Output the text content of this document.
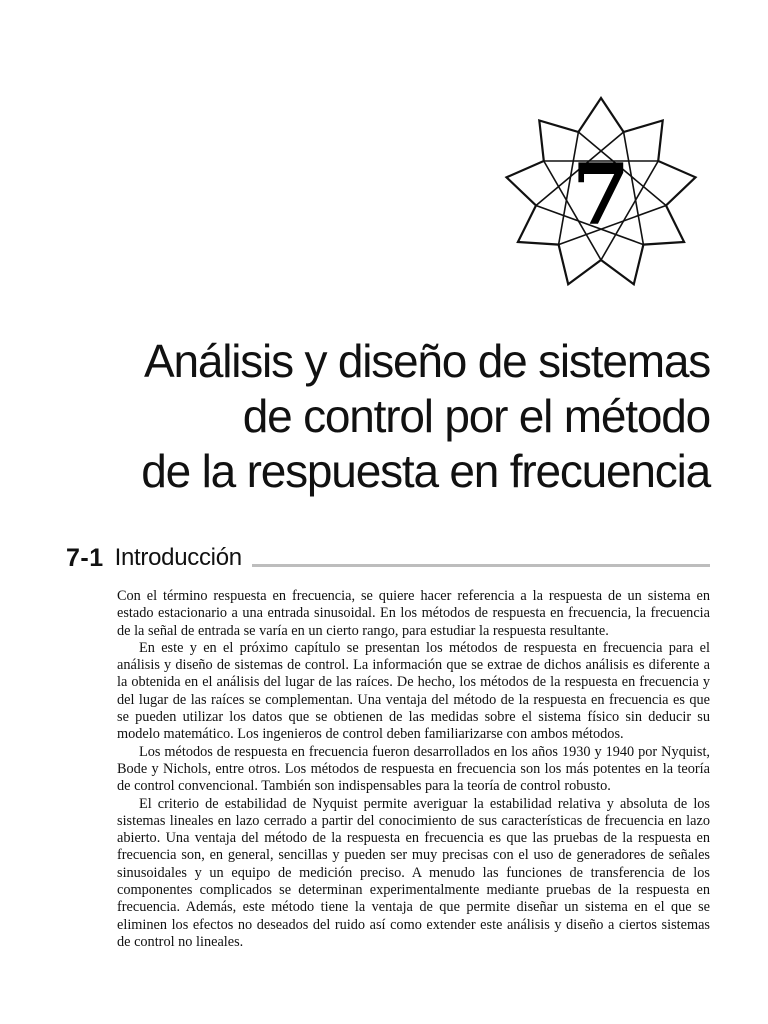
7
Análisis y diseño de sistemas
de control por el método
de la respuesta en frecuencia
7-1 Introducción

Con el término respuesta en frecuencia, se quiere hacer referencia a la respuesta de un sistema en estado estacionario a una entrada sinusoidal. En los métodos de respuesta en frecuencia, la frecuencia de la señal de entrada se varía en un cierto rango, para estudiar la respuesta resultante.

En este y en el próximo capítulo se presentan los métodos de respuesta en frecuencia para el análisis y diseño de sistemas de control. La información que se extrae de dichos análisis es diferente a la obtenida en el análisis del lugar de las raíces. De hecho, los métodos de la respuesta en frecuencia y del lugar de las raíces se complementan. Una ventaja del método de la respuesta en frecuencia es que se pueden utilizar los datos que se obtienen de las medidas sobre el sistema físico sin deducir su modelo matemático. Los ingenieros de control deben familiarizarse con ambos métodos.

Los métodos de respuesta en frecuencia fueron desarrollados en los años 1930 y 1940 por Nyquist, Bode y Nichols, entre otros. Los métodos de respuesta en frecuencia son los más potentes en la teoría de control convencional. También son indispensables para la teoría de control robusto.

El criterio de estabilidad de Nyquist permite averiguar la estabilidad relativa y absoluta de los sistemas lineales en lazo cerrado a partir del conocimiento de sus características de frecuencia en lazo abierto. Una ventaja del método de la respuesta en frecuencia es que las pruebas de la respuesta en frecuencia son, en general, sencillas y pueden ser muy precisas con el uso de generadores de señales sinusoidales y un equipo de medición preciso. A menudo las funciones de transferencia de los componentes complicados se determinan experimentalmente mediante pruebas de la respuesta en frecuencia. Además, este método tiene la ventaja de que permite diseñar un sistema en el que se eliminen los efectos no deseados del ruido así como extender este análisis y diseño a ciertos sistemas de control no lineales.
